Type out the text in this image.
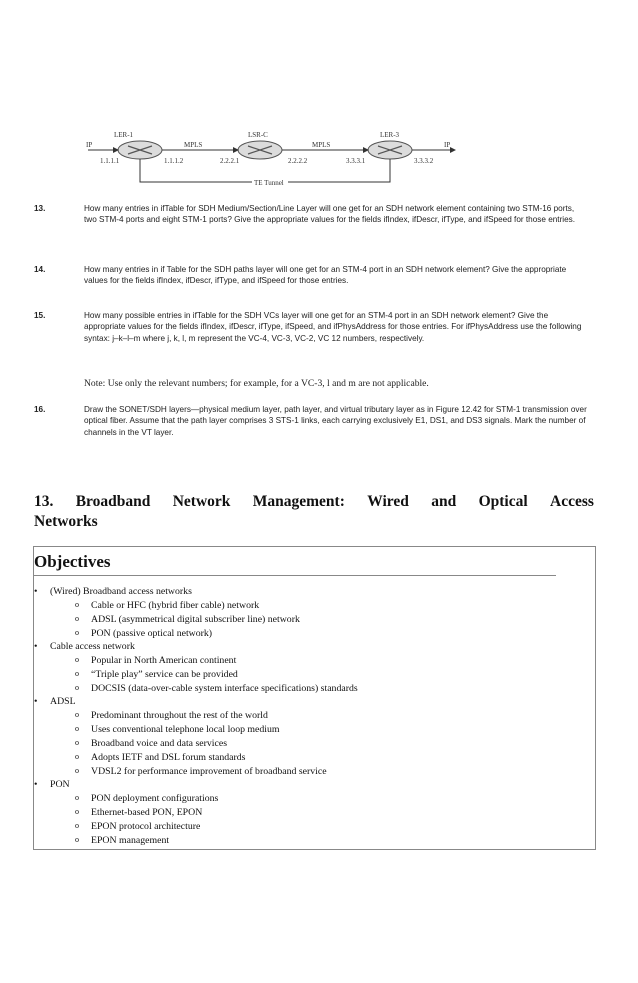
LER-1	LSR-C	LER-3
IP	MPLS	MPLS	IP
1.1.1.1	1.1.1.2	2.2.2.1	2.2.2.2	3.3.3.1	3.3.3.2
TE Tunnel
13.	How many entries in ifTable for SDH Medium/Section/Line Layer will one get for an SDH network element containing two STM-16 ports, two STM-4 ports and eight STM-1 ports? Give the appropriate values for the fields ifIndex, ifDescr, ifType, and ifSpeed for those entries.
14.	How many entries in if Table for the SDH paths layer will one get for an STM-4 port in an SDH network element? Give the appropriate values for the fields ifIndex, ifDescr, ifType, and ifSpeed for those entries.
15.	How many possible entries in ifTable for the SDH VCs layer will one get for an STM-4 port in an SDH network element? Give the appropriate values for the fields ifIndex, ifDescr, ifType, ifSpeed, and ifPhysAddress for those entries. For ifPhysAddress use the following syntax: j–k–l–m where j, k, l, m represent the VC-4, VC-3, VC-2, VC 12 numbers, respectively.
Note: Use only the relevant numbers; for example, for a VC-3, l and m are not applicable.
16.	Draw the SONET/SDH layers—physical medium layer, path layer, and virtual tributary layer as in Figure 12.42 for STM-1 transmission over optical fiber. Assume that the path layer comprises 3 STS-1 links, each carrying exclusively E1, DS1, and DS3 signals. Mark the number of channels in the VT layer.
13. Broadband Network Management: Wired and Optical Access
Networks
Objectives
• (Wired) Broadband access networks
o Cable or HFC (hybrid fiber cable) network
o ADSL (asymmetrical digital subscriber line) network
o PON (passive optical network)
• Cable access network
o Popular in North American continent
o “Triple play” service can be provided
o DOCSIS (data-over-cable system interface specifications) standards
• ADSL
o Predominant throughout the rest of the world
o Uses conventional telephone local loop medium
o Broadband voice and data services
o Adopts IETF and DSL forum standards
o VDSL2 for performance improvement of broadband service
• PON
o PON deployment configurations
o Ethernet-based PON, EPON
o EPON protocol architecture
o EPON management
